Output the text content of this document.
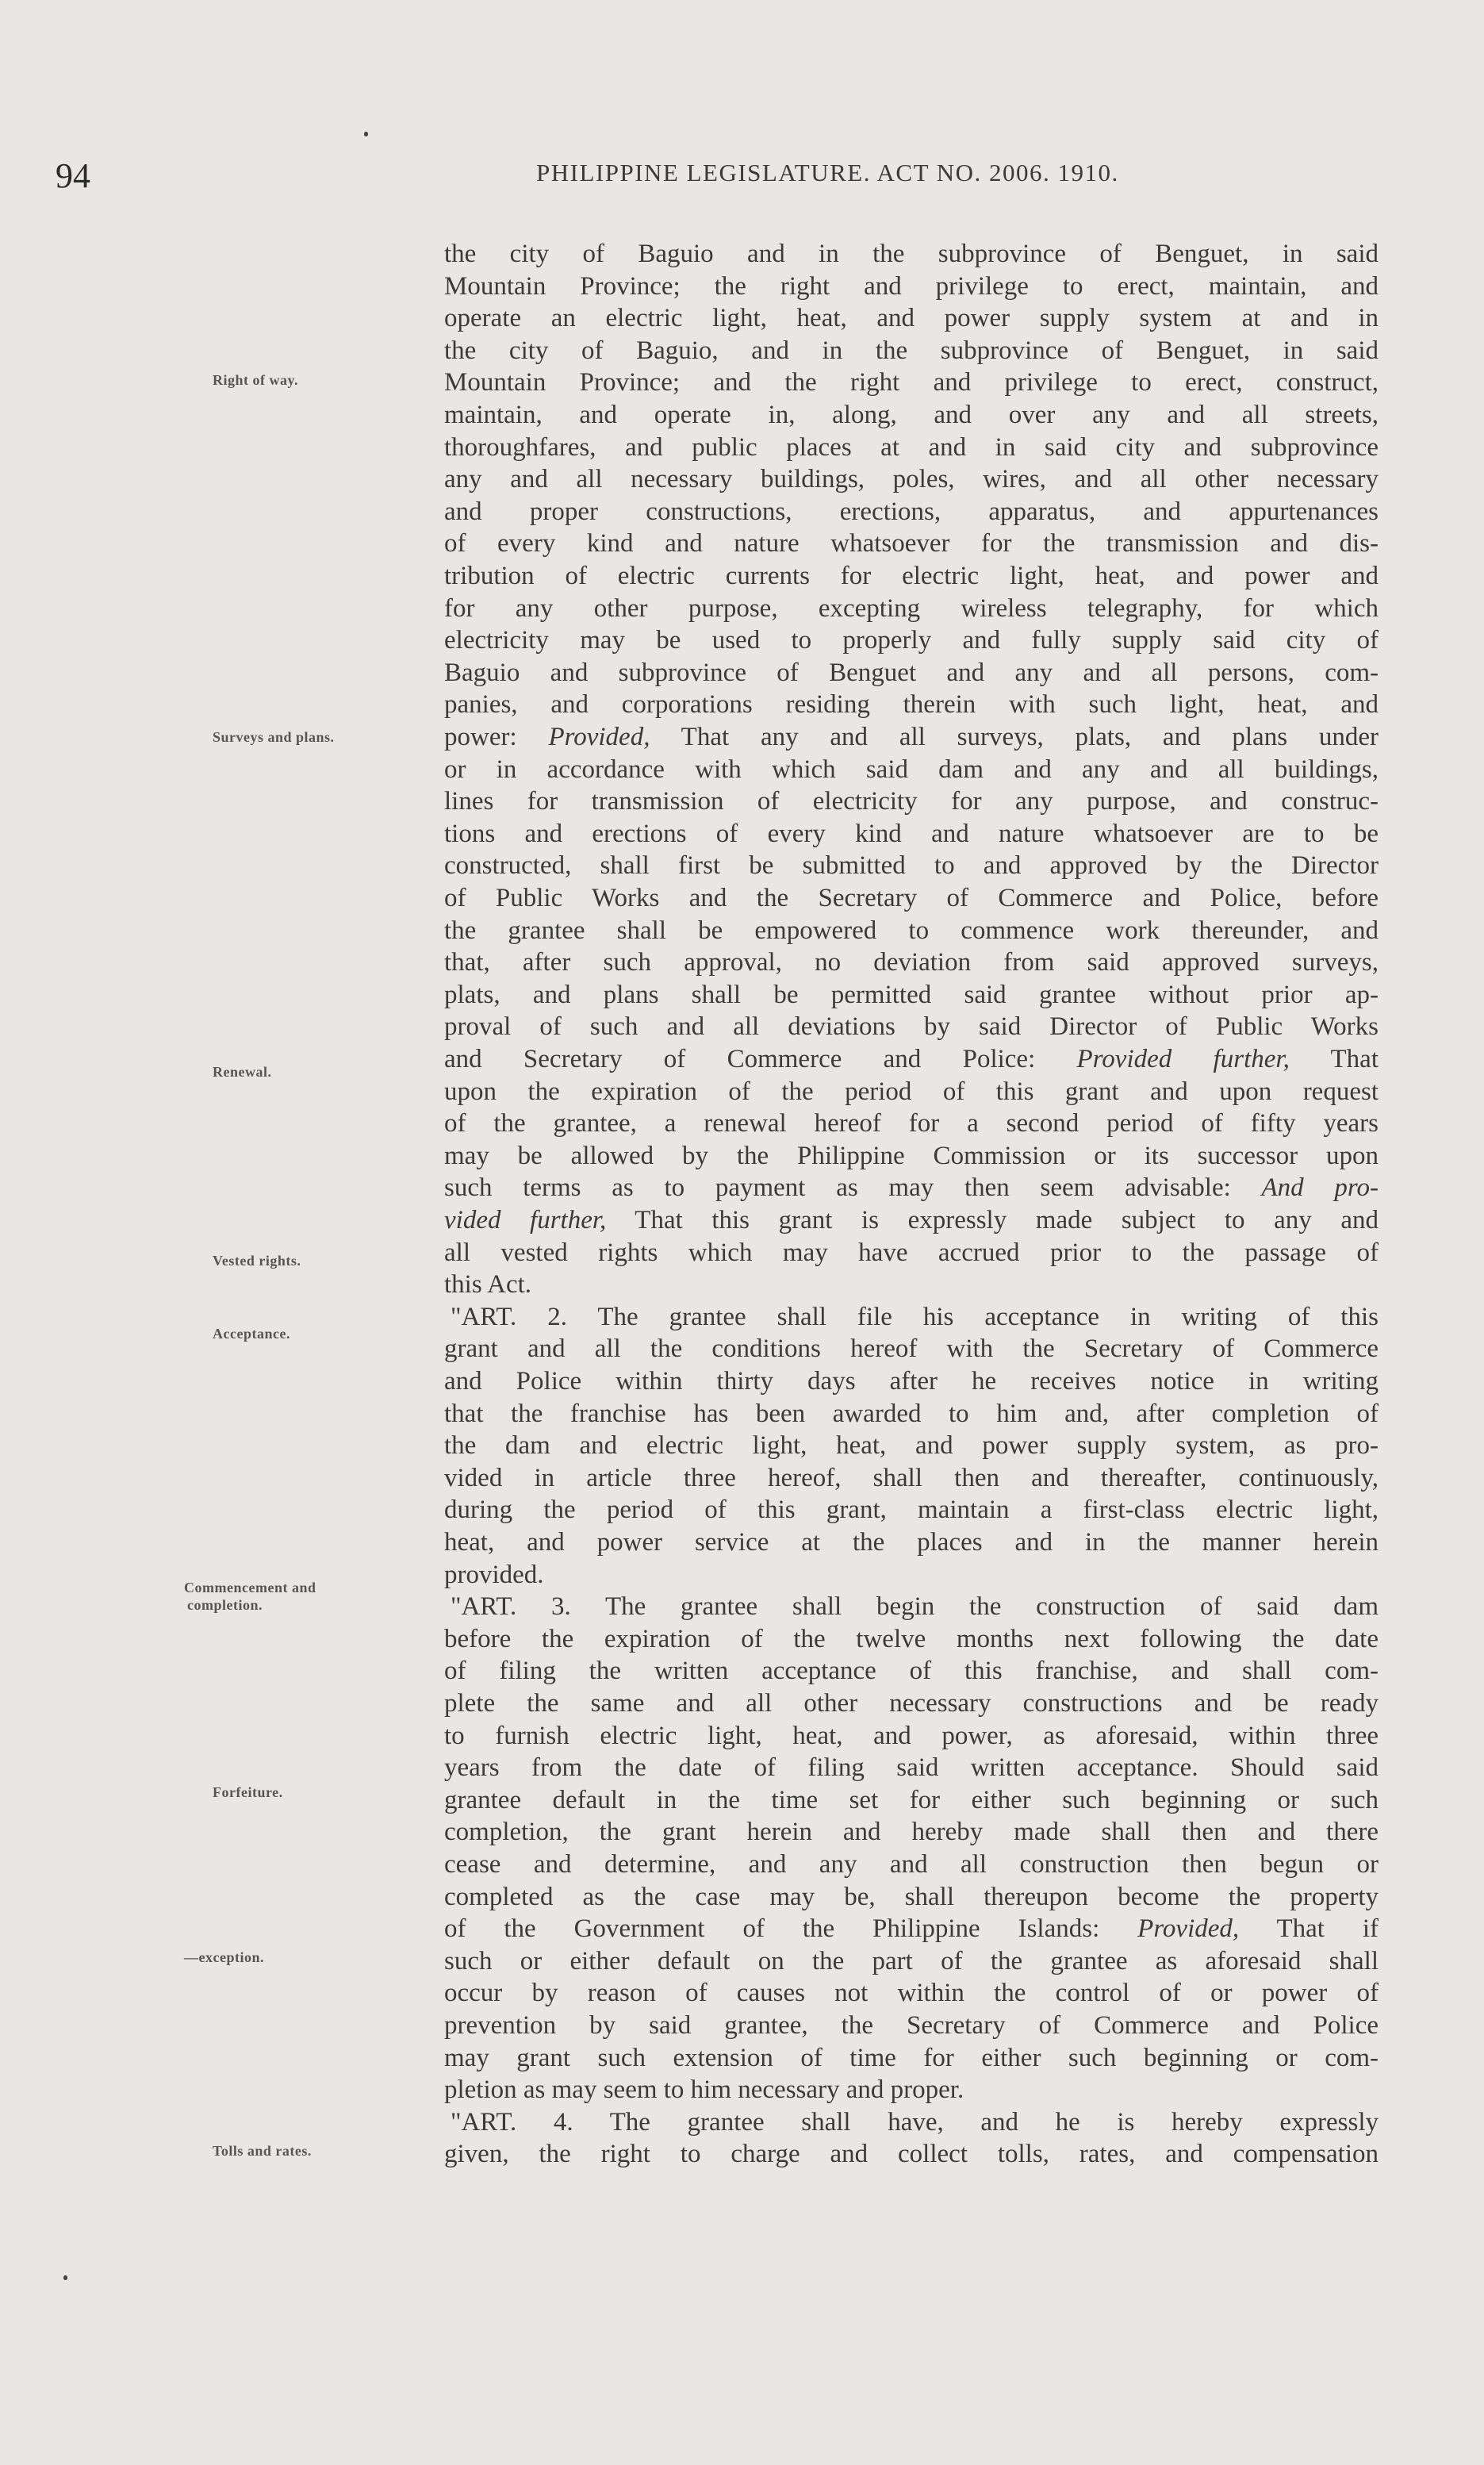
94	PHILIPPINE LEGISLATURE. ACT NO. 2006. 1910.
the city of Baguio and in the subprovince of Benguet, in said
Mountain Province; the right and privilege to erect, maintain, and
operate an electric light, heat, and power supply system at and in
the city of Baguio, and in the subprovince of Benguet, in said
Mountain Province; and the right and privilege to erect, construct,
maintain, and operate in, along, and over any and all streets,
thoroughfares, and public places at and in said city and subprovince
any and all necessary buildings, poles, wires, and all other necessary
and proper constructions, erections, apparatus, and appurtenances
of every kind and nature whatsoever for the transmission and dis-
tribution of electric currents for electric light, heat, and power and
for any other purpose, excepting wireless telegraphy, for which
electricity may be used to properly and fully supply said city of
Baguio and subprovince of Benguet and any and all persons, com-
panies, and corporations residing therein with such light, heat, and
power: Provided, That any and all surveys, plats, and plans under
or in accordance with which said dam and any and all buildings,
lines for transmission of electricity for any purpose, and construc-
tions and erections of every kind and nature whatsoever are to be
constructed, shall first be submitted to and approved by the Director
of Public Works and the Secretary of Commerce and Police, before
the grantee shall be empowered to commence work thereunder, and
that, after such approval, no deviation from said approved surveys,
plats, and plans shall be permitted said grantee without prior ap-
proval of such and all deviations by said Director of Public Works
and Secretary of Commerce and Police: Provided further, That
upon the expiration of the period of this grant and upon request
of the grantee, a renewal hereof for a second period of fifty years
may be allowed by the Philippine Commission or its successor upon
such terms as to payment as may then seem advisable: And pro-
vided further, That this grant is expressly made subject to any and
all vested rights which may have accrued prior to the passage of
this Act.
"ART. 2. The grantee shall file his acceptance in writing of this
grant and all the conditions hereof with the Secretary of Commerce
and Police within thirty days after he receives notice in writing
that the franchise has been awarded to him and, after completion of
the dam and electric light, heat, and power supply system, as pro-
vided in article three hereof, shall then and thereafter, continuously,
during the period of this grant, maintain a first-class electric light,
heat, and power service at the places and in the manner herein
provided.
"ART. 3. The grantee shall begin the construction of said dam
before the expiration of the twelve months next following the date
of filing the written acceptance of this franchise, and shall com-
plete the same and all other necessary constructions and be ready
to furnish electric light, heat, and power, as aforesaid, within three
years from the date of filing said written acceptance. Should said
grantee default in the time set for either such beginning or such
completion, the grant herein and hereby made shall then and there
cease and determine, and any and all construction then begun or
completed as the case may be, shall thereupon become the property
of the Government of the Philippine Islands: Provided, That if
such or either default on the part of the grantee as aforesaid shall
occur by reason of causes not within the control of or power of
prevention by said grantee, the Secretary of Commerce and Police
may grant such extension of time for either such beginning or com-
pletion as may seem to him necessary and proper.
"ART. 4. The grantee shall have, and he is hereby expressly
given, the right to charge and collect tolls, rates, and compensation
Right of way.
Surveys and plans.
Renewal.
Vested rights.
Acceptance.
Commencement and
completion.
Forfeiture.
—exception.
Tolls and rates.
